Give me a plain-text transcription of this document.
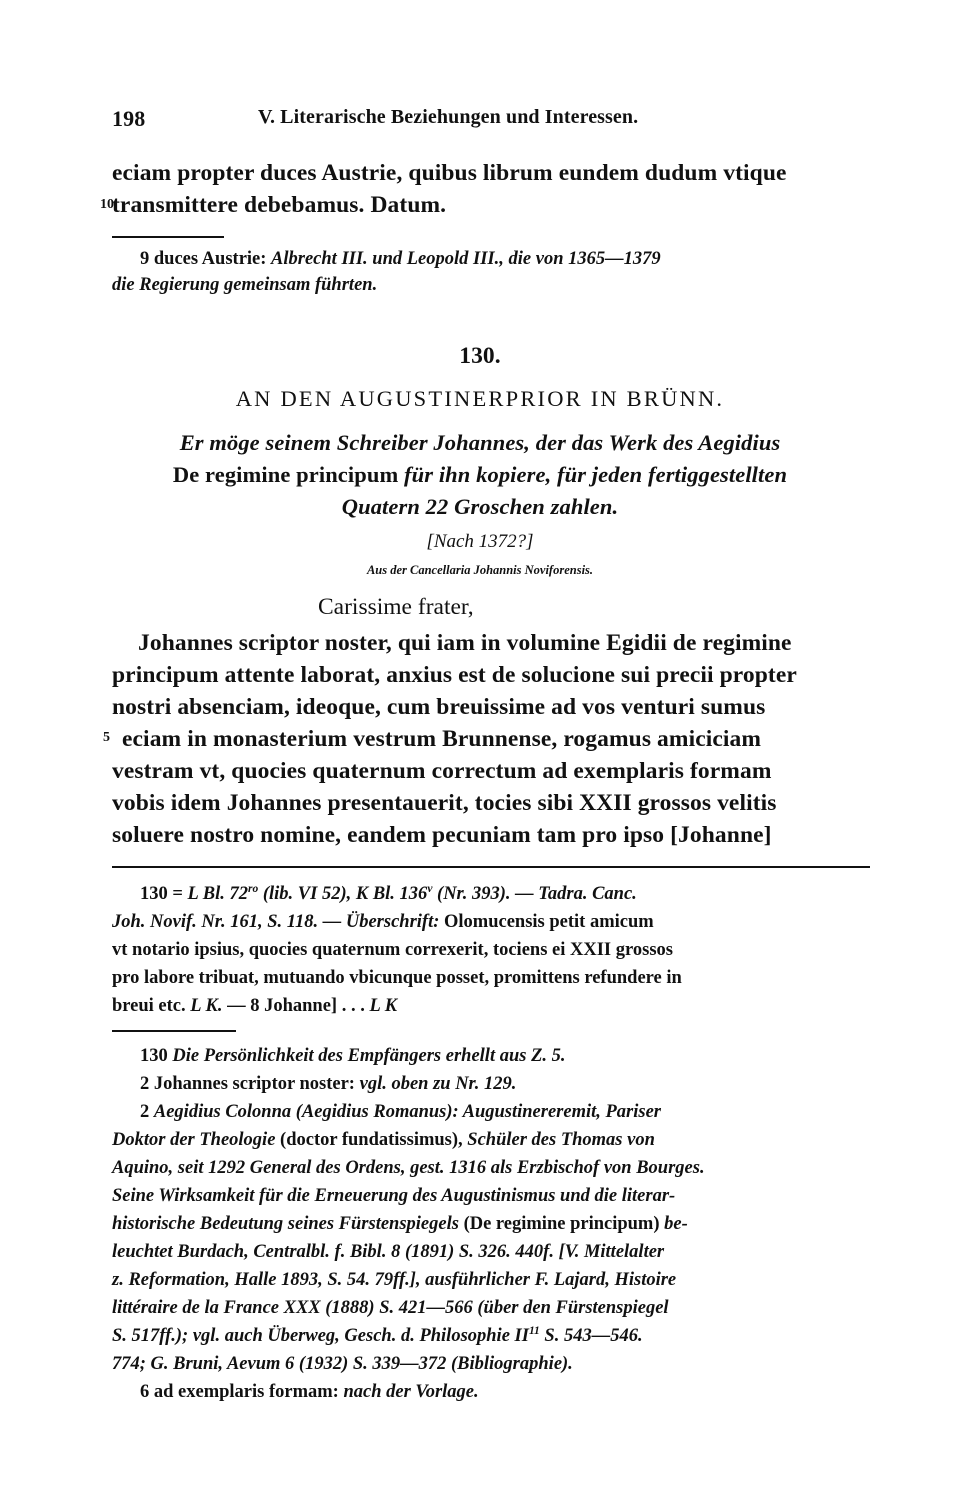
198	V. Literarische Beziehungen und Interessen.
eciam propter duces Austrie, quibus librum eundem dudum vtique
10
transmittere debebamus. Datum.
9 duces Austrie: Albrecht III. und Leopold III., die von 1365—1379
die Regierung gemeinsam führten.
130.
AN DEN AUGUSTINERPRIOR IN BRÜNN.
Er möge seinem Schreiber Johannes, der das Werk des Aegidius
De regimine principum für ihn kopiere, für jeden fertiggestellten
Quatern 22 Groschen zahlen.
[Nach 1372?]
Aus der Cancellaria Johannis Noviforensis.
Carissime frater,
Johannes scriptor noster, qui iam in volumine Egidii de regimine
principum attente laborat, anxius est de solucione sui precii propter
nostri absenciam, ideoque, cum breuissime ad vos venturi sumus
5 eciam in monasterium vestrum Brunnense, rogamus amiciciam
vestram vt, quocies quaternum correctum ad exemplaris formam
vobis idem Johannes presentauerit, tocies sibi XXII grossos velitis
soluere nostro nomine, eandem pecuniam tam pro ipso [Johanne]
130 = L Bl. $72^{ro}$ (lib. VI 52), K Bl. 136$^v$ (Nr. 393). — Tadra. Canc.
Joh. Novif. Nr. 161, S. 118. — Überschrift: Olomucensis petit amicum
vt notario ipsius, quocies quaternum correxerit, tociens ei XXII grossos
pro labore tribuat, mutuando vbicunque posset, promittens refundere in
breui etc. L K. — 8 Johanne] . . . L K
130 Die Persönlichkeit des Empfängers erhellt aus Z. 5.
2 Johannes scriptor noster: vgl. oben zu Nr. 129.
2 Aegidius Colonna (Aegidius Romanus): Augustinereremit, Pariser
Doktor der Theologie (doctor fundatissimus), Schüler des Thomas von
Aquino, seit 1292 General des Ordens, gest. 1316 als Erzbischof von Bourges.
Seine Wirksamkeit für die Erneuerung des Augustinismus und die literar-
historische Bedeutung seines Fürstenspiegels (De regimine principum) be-
leuchtet Burdach, Centralbl. f. Bibl. 8 (1891) S. 326. 440f. [V. Mittelalter
z. Reformation, Halle 1893, S. 54. 79ff.], ausführlicher F. Lajard, Histoire
littéraire de la France XXX (1888) S. 421—566 (über den Fürstenspiegel
S. 517ff.); vgl. auch Überweg, Gesch. d. Philosophie II$^{11}$ S. 543—546.
774; G. Bruni, Aevum 6 (1932) S. 339—372 (Bibliographie).
6 ad exemplaris formam: nach der Vorlage.
